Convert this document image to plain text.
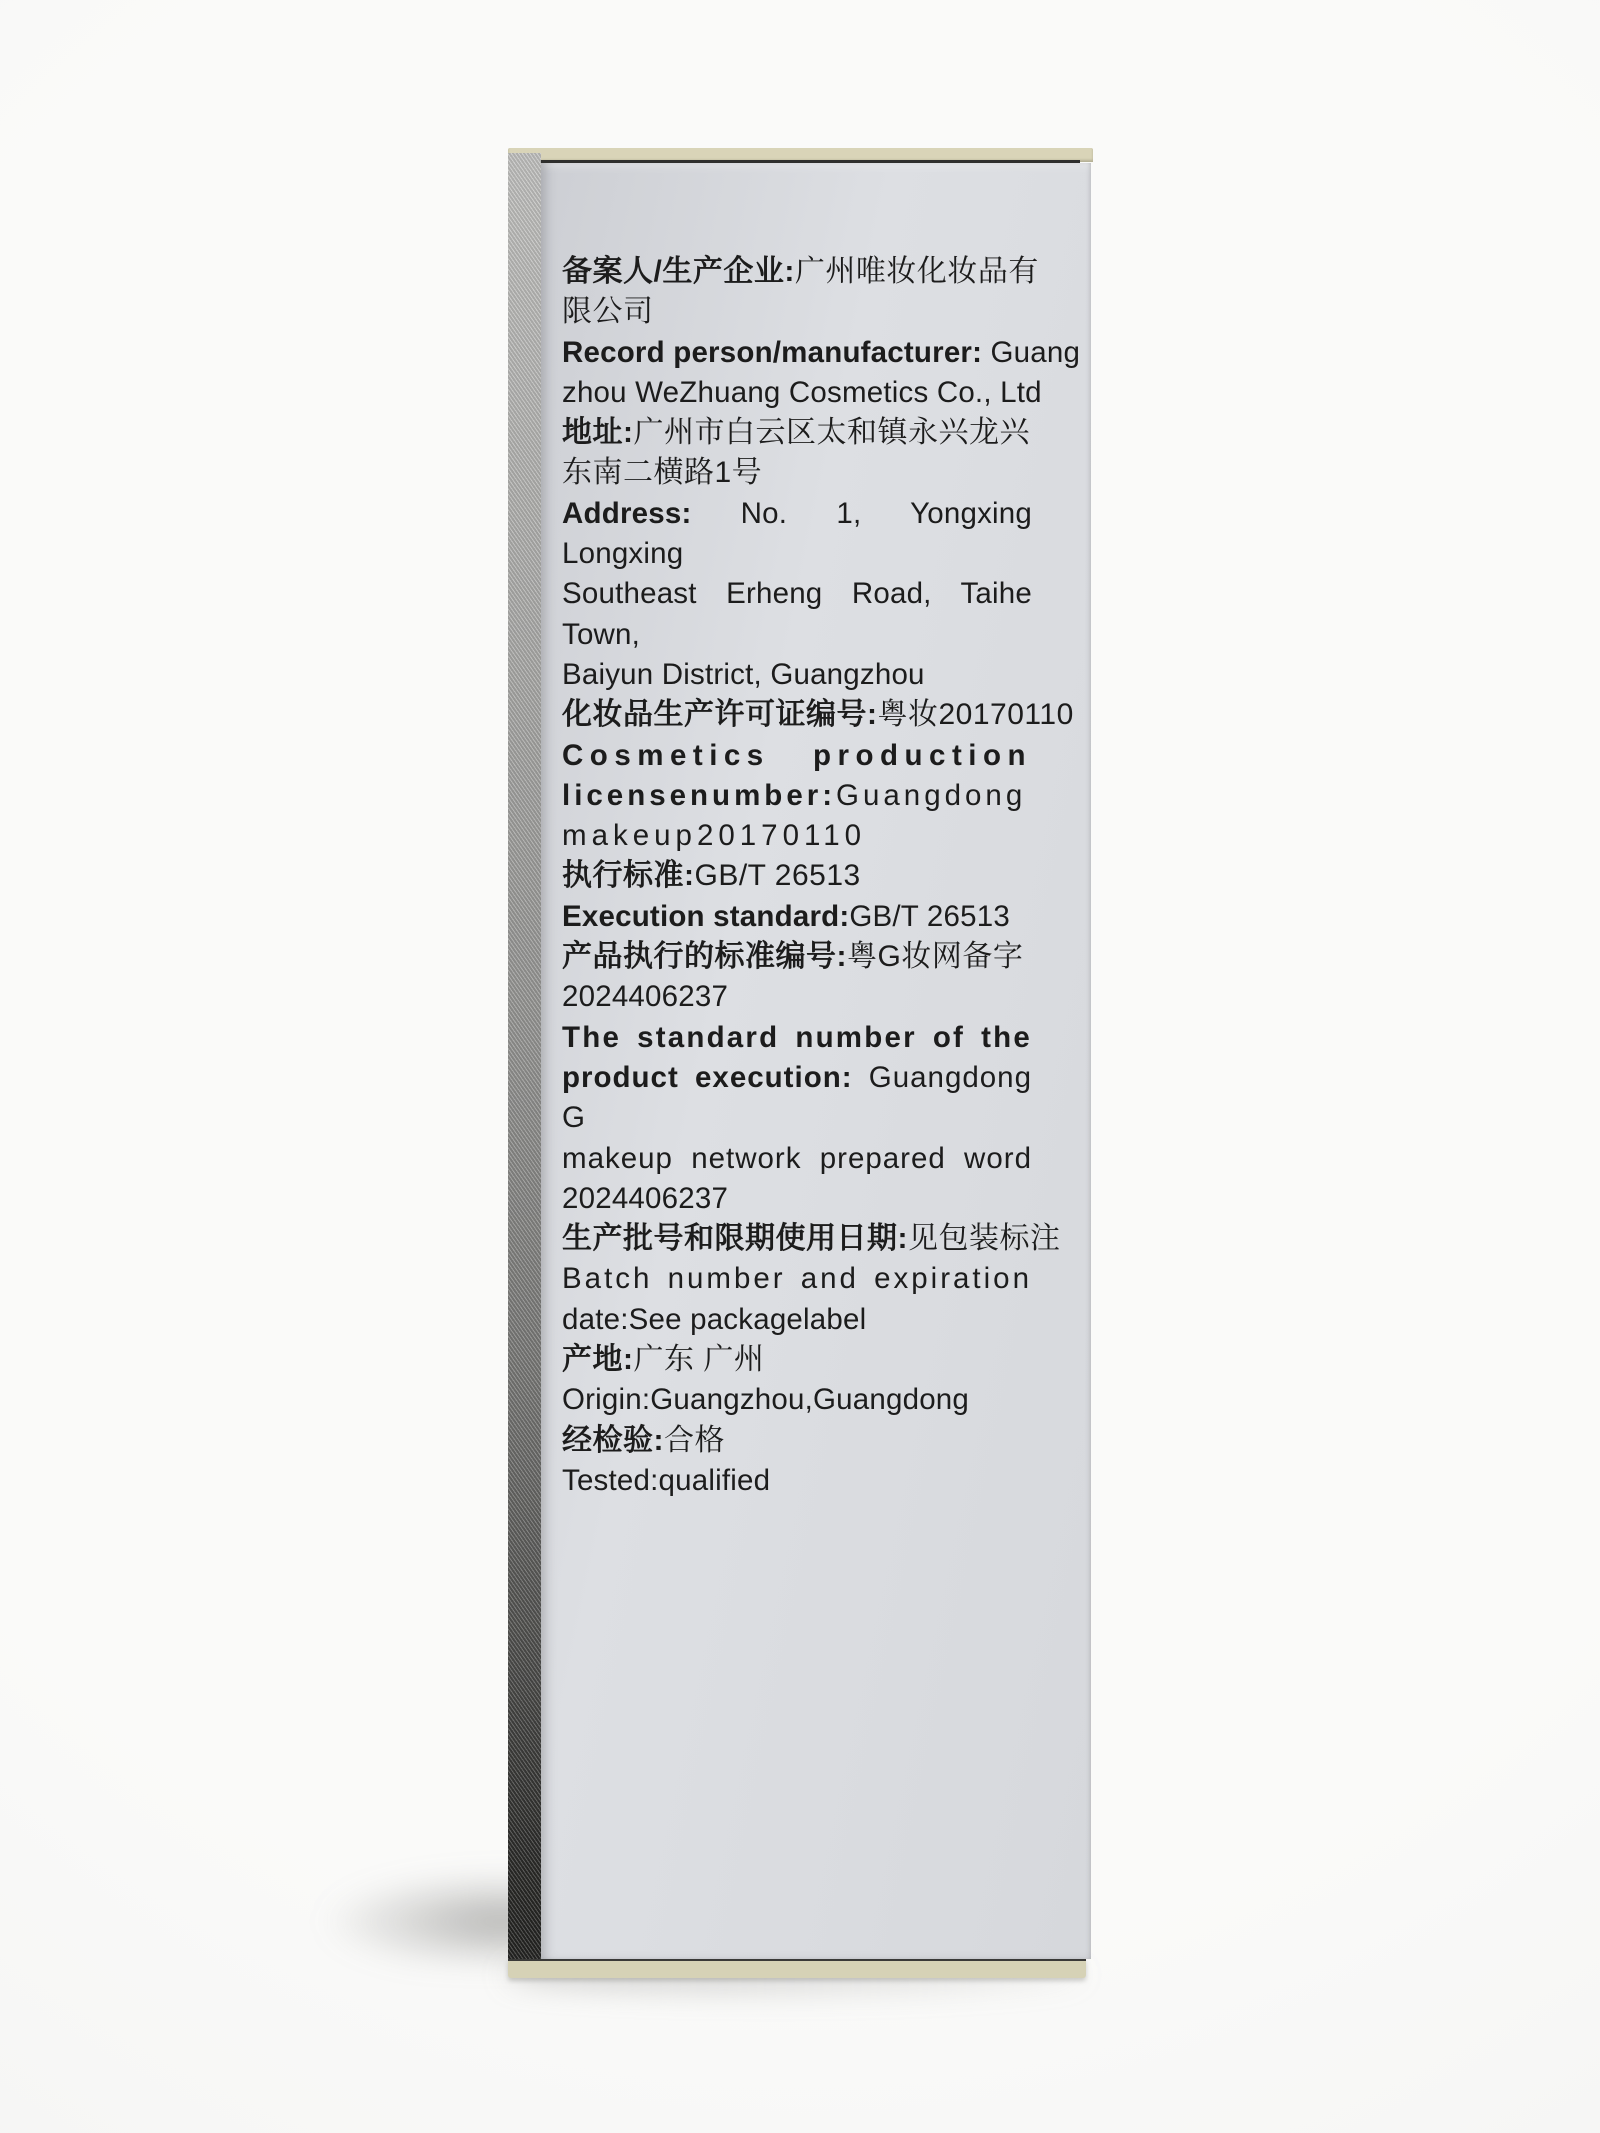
备案人/生产企业:广州唯妆化妆品有
限公司
Record person/manufacturer: Guang
zhou WeZhuang Cosmetics Co., Ltd
地址:广州市白云区太和镇永兴龙兴
东南二横路1号
Address: No. 1, Yongxing Longxing
Southeast Erheng Road, Taihe Town,
Baiyun District, Guangzhou
化妆品生产许可证编号:粤妆20170110
Cosmetics production
licensenumber:Guangdong
makeup20170110
执行标准:GB/T 26513
Execution standard:GB/T 26513
产品执行的标准编号:粤G妆网备字
2024406237
The standard number of the
product execution: Guangdong G
makeup network prepared word
2024406237
生产批号和限期使用日期:见包装标注
Batch number and expiration
date:See packagelabel
产地:广东 广州
Origin:Guangzhou,Guangdong
经检验:合格
Tested:qualified
